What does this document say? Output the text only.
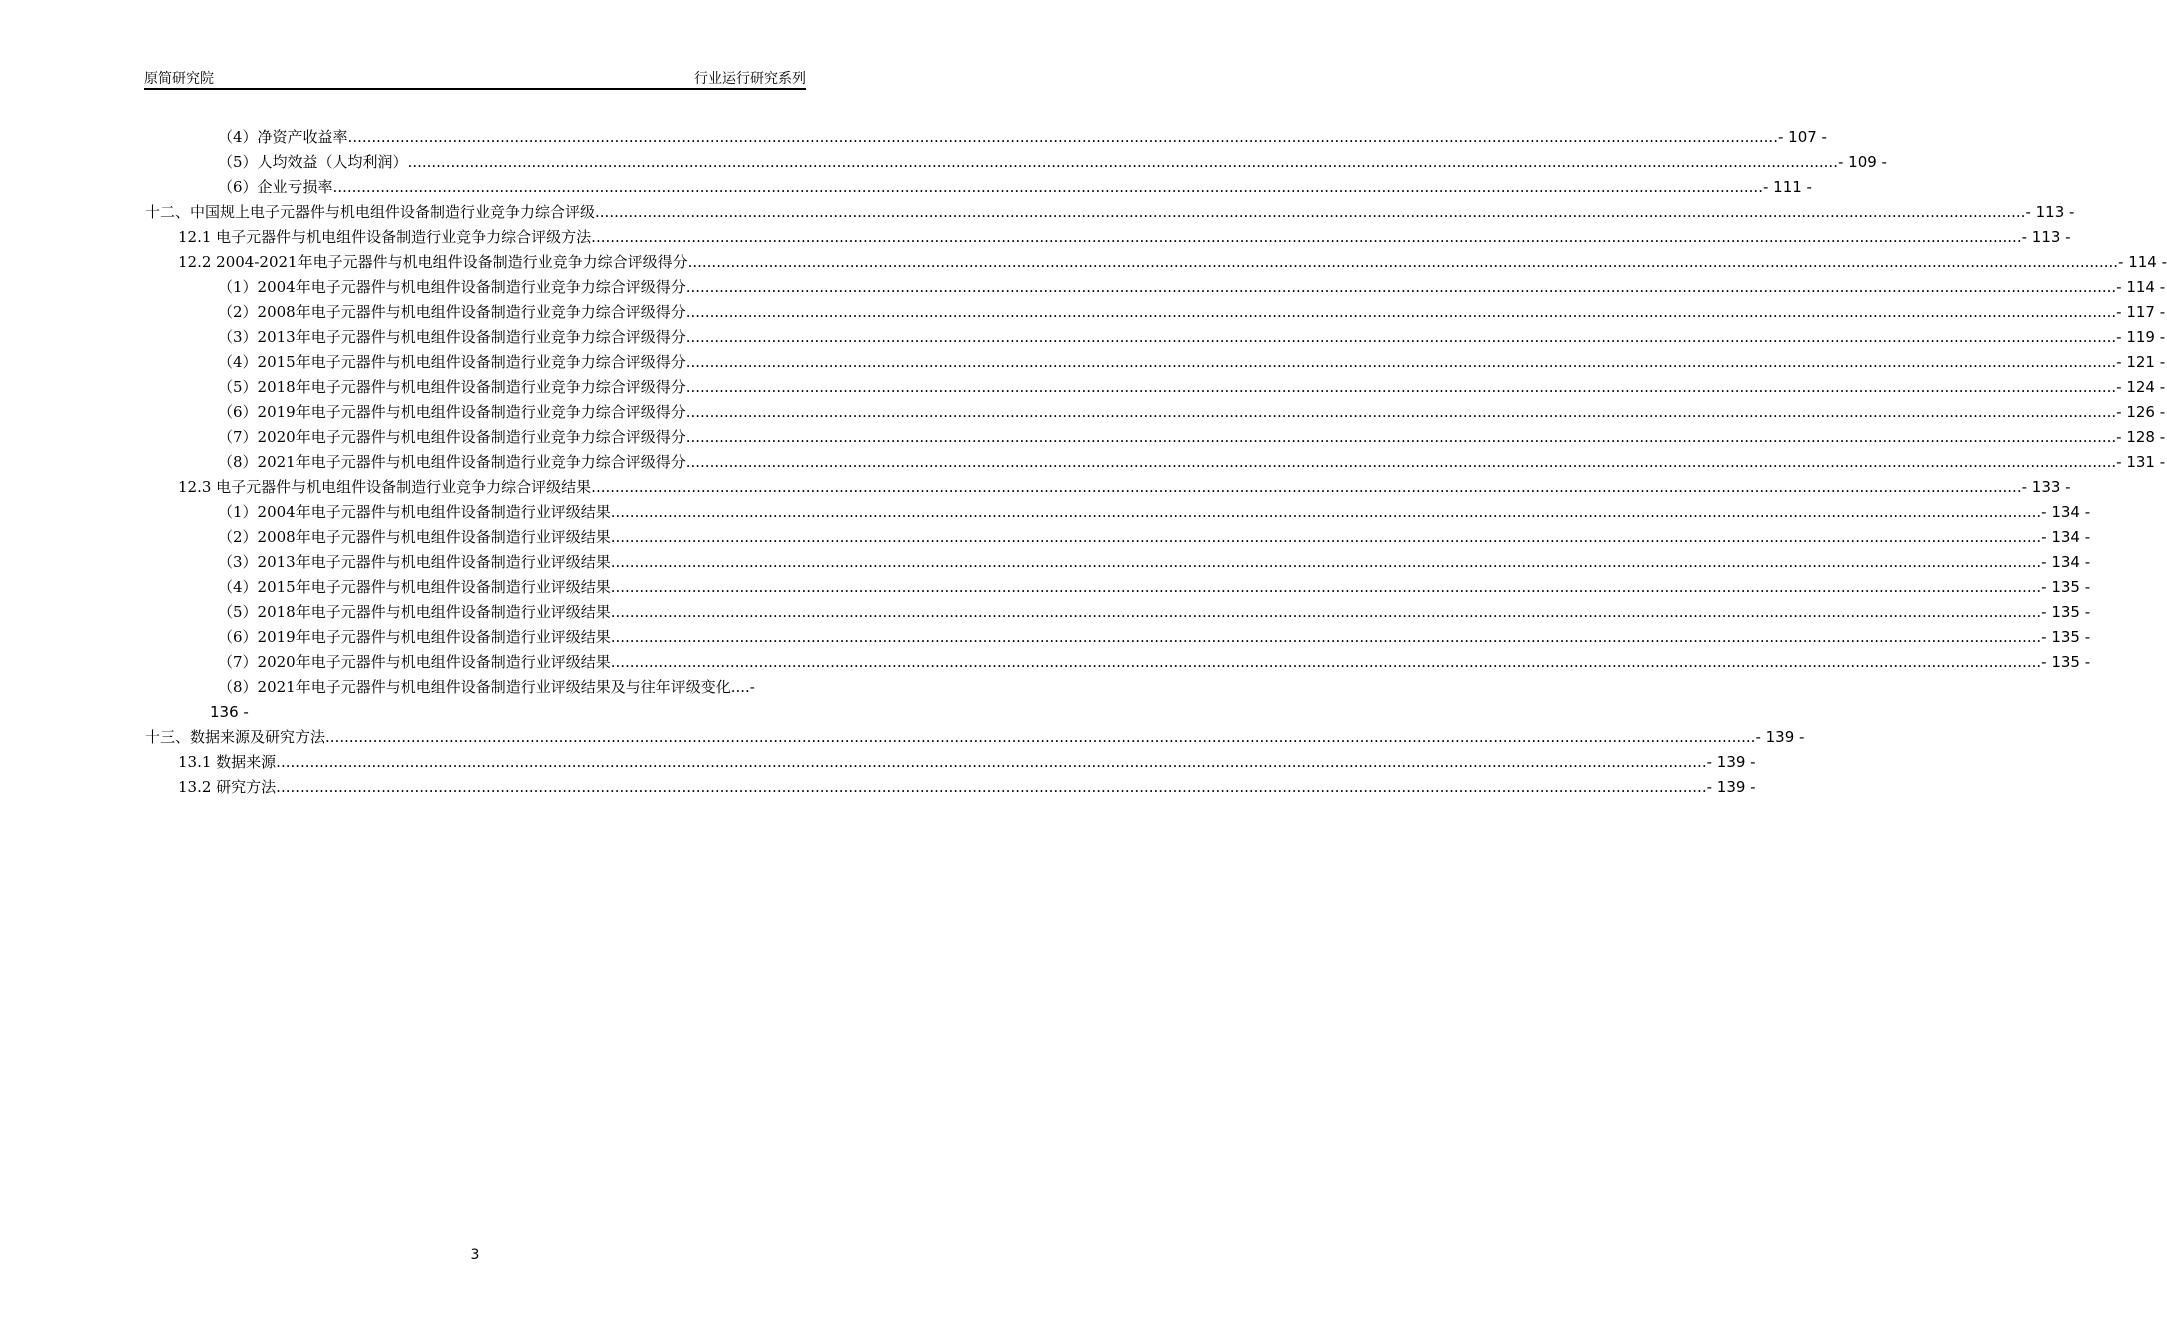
原简研究院	行业运行研究系列
（4）净资产收益率 ............................................................................................................................................................................................................................................................................................................ - 107 -
（5）人均效益（人均利润） ............................................................................................................................................................................................................................................................................................................ - 109 -
（6）企业亏损率 ............................................................................................................................................................................................................................................................................................................ - 111 -
十二、中国规上电子元器件与机电组件设备制造行业竞争力综合评级 ............................................................................................................................................................................................................................................................................................................ - 113 -
12.1 电子元器件与机电组件设备制造行业竞争力综合评级方法 ............................................................................................................................................................................................................................................................................................................ - 113 -
12.2 2004-2021年电子元器件与机电组件设备制造行业竞争力综合评级得分 ............................................................................................................................................................................................................................................................................................................ - 114 -
（1）2004年电子元器件与机电组件设备制造行业竞争力综合评级得分 ............................................................................................................................................................................................................................................................................................................ - 114 -
（2）2008年电子元器件与机电组件设备制造行业竞争力综合评级得分 ............................................................................................................................................................................................................................................................................................................ - 117 -
（3）2013年电子元器件与机电组件设备制造行业竞争力综合评级得分 ............................................................................................................................................................................................................................................................................................................ - 119 -
（4）2015年电子元器件与机电组件设备制造行业竞争力综合评级得分 ............................................................................................................................................................................................................................................................................................................ - 121 -
（5）2018年电子元器件与机电组件设备制造行业竞争力综合评级得分 ............................................................................................................................................................................................................................................................................................................ - 124 -
（6）2019年电子元器件与机电组件设备制造行业竞争力综合评级得分 ............................................................................................................................................................................................................................................................................................................ - 126 -
（7）2020年电子元器件与机电组件设备制造行业竞争力综合评级得分 ............................................................................................................................................................................................................................................................................................................ - 128 -
（8）2021年电子元器件与机电组件设备制造行业竞争力综合评级得分 ............................................................................................................................................................................................................................................................................................................ - 131 -
12.3 电子元器件与机电组件设备制造行业竞争力综合评级结果 ............................................................................................................................................................................................................................................................................................................ - 133 -
（1）2004年电子元器件与机电组件设备制造行业评级结果 ............................................................................................................................................................................................................................................................................................................ - 134 -
（2）2008年电子元器件与机电组件设备制造行业评级结果 ............................................................................................................................................................................................................................................................................................................ - 134 -
（3）2013年电子元器件与机电组件设备制造行业评级结果 ............................................................................................................................................................................................................................................................................................................ - 134 -
（4）2015年电子元器件与机电组件设备制造行业评级结果 ............................................................................................................................................................................................................................................................................................................ - 135 -
（5）2018年电子元器件与机电组件设备制造行业评级结果 ............................................................................................................................................................................................................................................................................................................ - 135 -
（6）2019年电子元器件与机电组件设备制造行业评级结果 ............................................................................................................................................................................................................................................................................................................ - 135 -
（7）2020年电子元器件与机电组件设备制造行业评级结果 ............................................................................................................................................................................................................................................................................................................ - 135 -
（8）2021年电子元器件与机电组件设备制造行业评级结果及与往年评级变化....-
136 -
十三、数据来源及研究方法 ............................................................................................................................................................................................................................................................................................................ - 139 -
13.1 数据来源 ............................................................................................................................................................................................................................................................................................................ - 139 -
13.2 研究方法 ............................................................................................................................................................................................................................................................................................................ - 139 -
3
